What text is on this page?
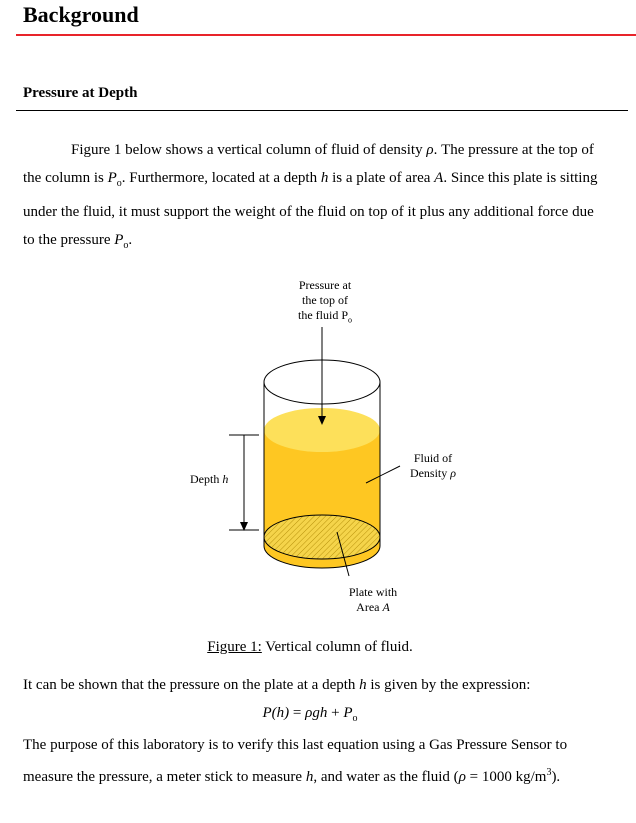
Background
Pressure at Depth

Figure 1 below shows a vertical column of fluid of density ρ. The pressure at the top of the column is $P_o$. Furthermore, located at a depth h is a plate of area A. Since this plate is sitting under the fluid, it must support the weight of the fluid on top of it plus any additional force due to the pressure $P_o$.

Pressure at
the top of
the fluid $P_o$
Depth h
Fluid of
Density ρ
Plate with
Area A
Figure 1: Vertical column of fluid.

It can be shown that the pressure on the plate at a depth h is given by the expression:

$P(h) = \rho gh + P_o$

The purpose of this laboratory is to verify this last equation using a Gas Pressure Sensor to measure the pressure, a meter stick to measure h, and water as the fluid (ρ = 1000 $kg/m^3$).
